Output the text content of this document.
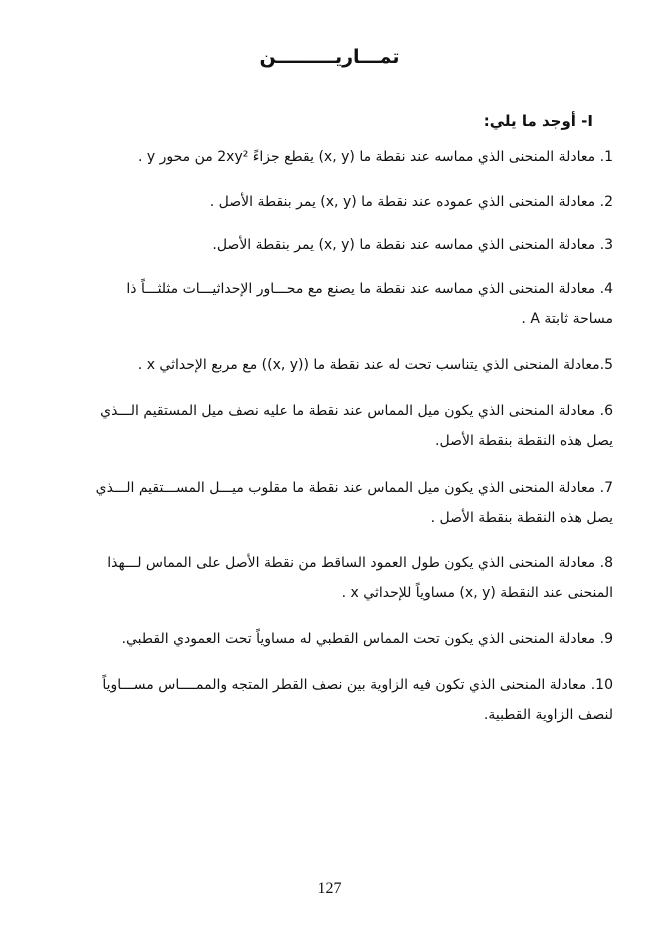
تمـــاريـــــــــن
I- أوجد ما يلي:
1. معادلة المنحنى الذي مماسه عند نقطة ما (x, y) يقطع جزاءً 2xy² من محور y .
2. معادلة المنحنى الذي عموده عند نقطة ما (x, y) يمر بنقطة الأصل .
3. معادلة المنحنى الذي مماسه عند نقطة ما (x, y) يمر بنقطة الأصل.
4. معادلة المنحنى الذي مماسه عند نقطة ما يصنع مع محـــاور الإحداثيـــات مثلثـــاً ذا
مساحة ثابتة A .
5.معادلة المنحنى الذي يتناسب تحت له عند نقطة ما ((x, y)) مع مربع الإحداثي x .
6. معادلة المنحنى الذي يكون ميل المماس عند نقطة ما عليه نصف ميل المستقيم الـــذي
يصل هذه النقطة بنقطة الأصل.
7. معادلة المنحنى الذي يكون ميل المماس عند نقطة ما مقلوب ميـــل المســـتقيم الـــذي
يصل هذه النقطة بنقطة الأصل .
8. معادلة المنحنى الذي يكون طول العمود الساقط من نقطة الأصل على المماس لـــهذا
المنحنى عند النقطة (x, y) مساوياً للإحداثي x .
9. معادلة المنحنى الذي يكون تحت المماس القطبي له مساوياً تحت العمودي القطبي.
10. معادلة المنحنى الذي تكون فيه الزاوية بين نصف القطر المتجه والممــــاس مســـاوياً
لنصف الزاوية القطبية.
127
